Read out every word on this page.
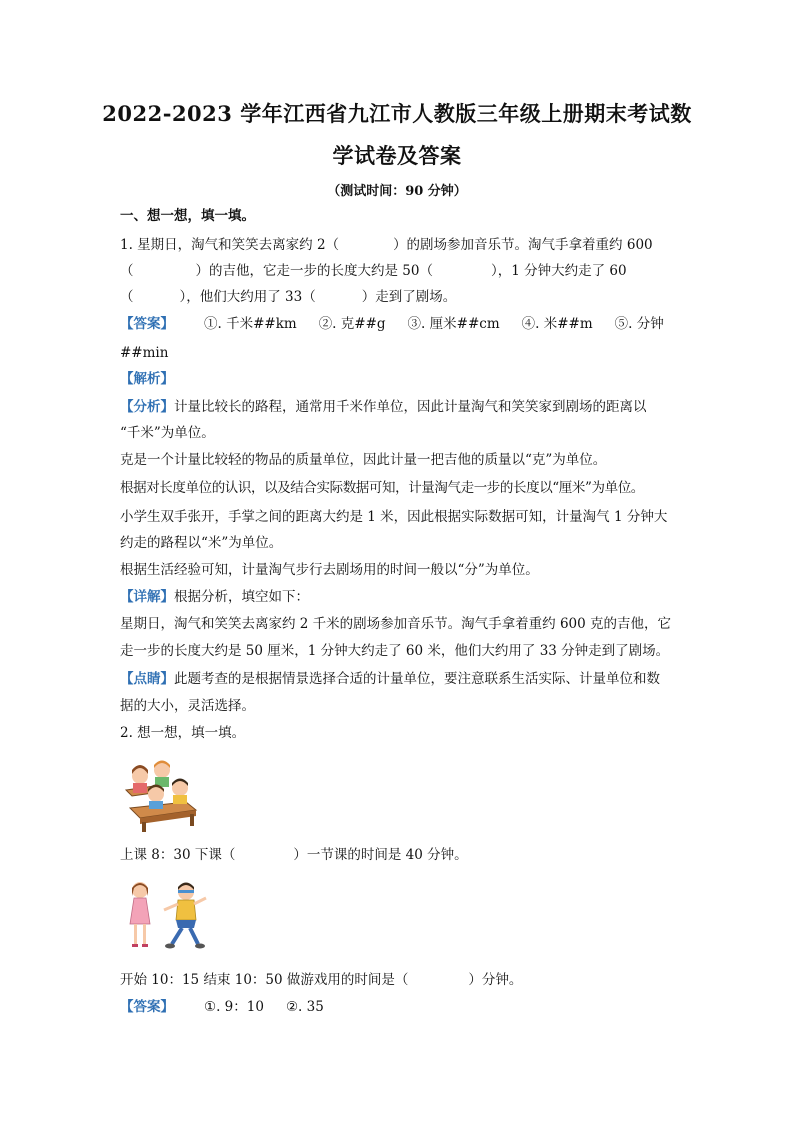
2022-2023 学年江西省九江市人教版三年级上册期末考试数
学试卷及答案
（测试时间：90 分钟）
一、想一想，填一填。
1. 星期日，淘气和笑笑去离家约 2（	）的剧场参加音乐节。淘气手拿着重约 600
（	）的吉他，它走一步的长度大约是 50（	），1 分钟大约走了 60
（	），他们大约用了 33（	）走到了剧场。
【答案】 ①. 千米##km ②. 克##g ③. 厘米##cm ④. 米##m ⑤. 分钟
##min
【解析】
【分析】计量比较长的路程，通常用千米作单位，因此计量淘气和笑笑家到剧场的距离以
“千米”为单位。
克是一个计量比较轻的物品的质量单位，因此计量一把吉他的质量以“克”为单位。
根据对长度单位的认识，以及结合实际数据可知，计量淘气走一步的长度以“厘米”为单位。
小学生双手张开，手掌之间的距离大约是 1 米，因此根据实际数据可知，计量淘气 1 分钟大
约走的路程以“米”为单位。
根据生活经验可知，计量淘气步行去剧场用的时间一般以“分”为单位。
【详解】根据分析，填空如下：
星期日，淘气和笑笑去离家约 2 千米的剧场参加音乐节。淘气手拿着重约 600 克的吉他，它
走一步的长度大约是 50 厘米，1 分钟大约走了 60 米，他们大约用了 33 分钟走到了剧场。
【点睛】此题考查的是根据情景选择合适的计量单位，要注意联系生活实际、计量单位和数
据的大小，灵活选择。
2. 想一想，填一填。
上课 8：30 下课（	）一节课的时间是 40 分钟。
开始 10：15 结束 10：50 做游戏用的时间是（	）分钟。
【答案】 ①. 9：10 ②. 35
